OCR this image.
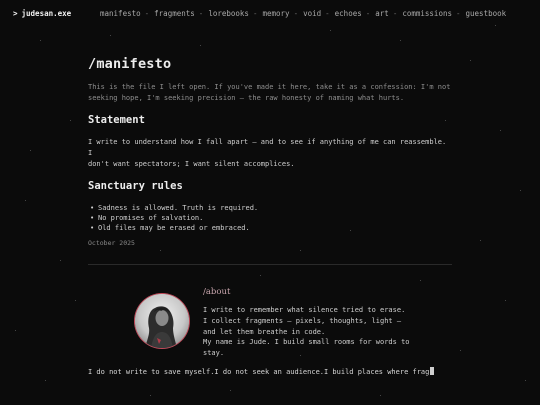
> judesan.exe	manifesto - fragments - lorebooks - memory - void - echoes - art - commissions - guestbook
/manifesto
This is the file I left open. If you've made it here, take it as a confession: I'm not
seeking hope, I'm seeking precision — the raw honesty of naming what hurts.
Statement
I write to understand how I fall apart — and to see if anything of me can reassemble. I
don't want spectators; I want silent accomplices.
Sanctuary rules
• Sadness is allowed. Truth is required.
• No promises of salvation.
• Old files may be erased or embraced.
October 2025
/about
I write to remember what silence tried to erase.
I collect fragments — pixels, thoughts, light —
and let them breathe in code.
My name is Jude. I build small rooms for words to
stay.
I do not write to save myself.I do not seek an audience.I build places where frag
